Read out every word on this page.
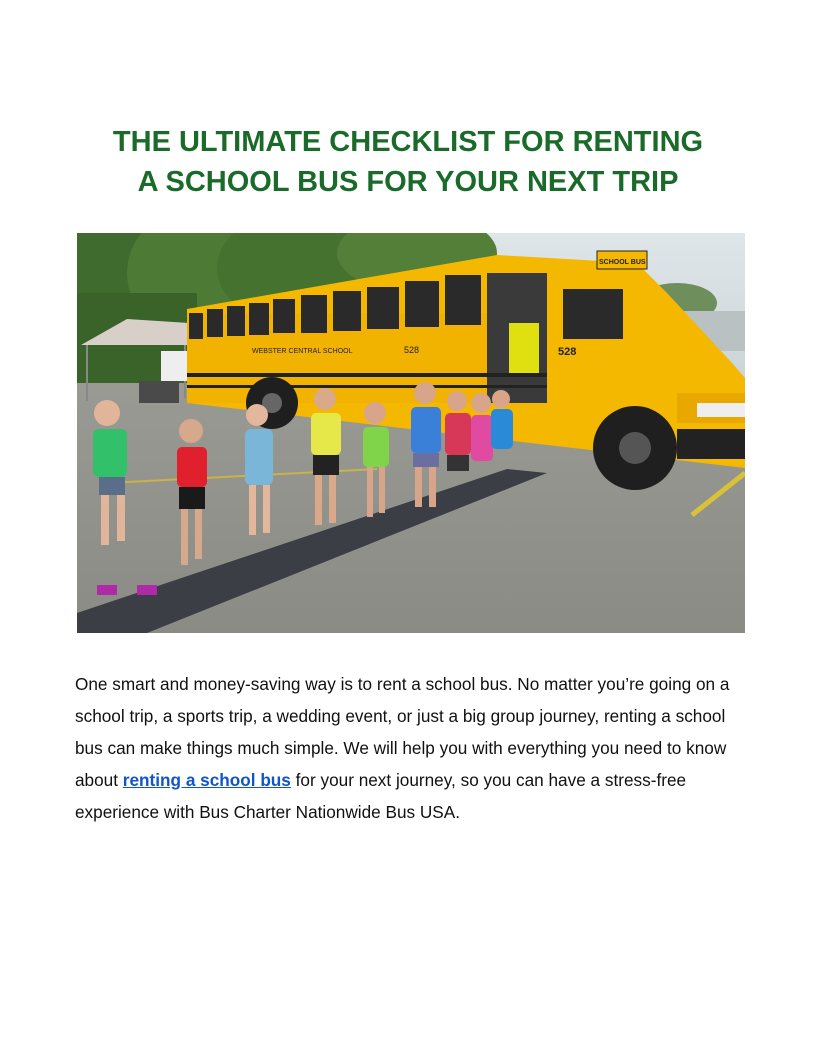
THE ULTIMATE CHECKLIST FOR RENTING
A SCHOOL BUS FOR YOUR NEXT TRIP
WEBSTER CENTRAL SCHOOL	528	528
SCHOOL BUS

One smart and money-saving way is to rent a school bus. No matter you’re going on a school trip, a sports trip, a wedding event, or just a big group journey, renting a school bus can make things much simple. We will help you with everything you need to know about renting a school bus for your next journey, so you can have a stress-free experience with Bus Charter Nationwide Bus USA.
